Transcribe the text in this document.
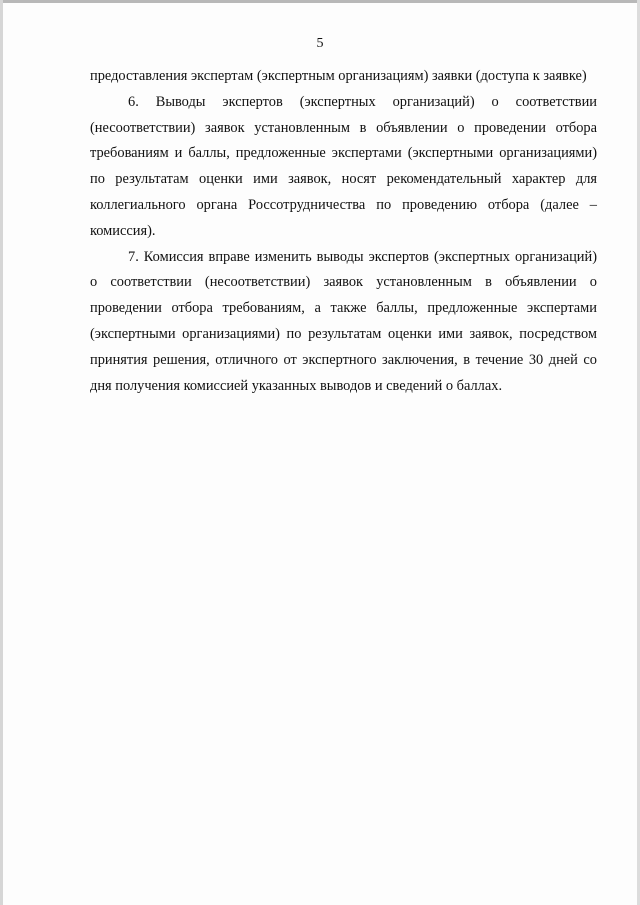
5

предоставления экспертам (экспертным организациям) заявки (доступа к заявке)

6. Выводы экспертов (экспертных организаций) о соответствии (несоответствии) заявок установленным в объявлении о проведении отбора требованиям и баллы, предложенные экспертами (экспертными организациями) по результатам оценки ими заявок, носят рекомендательный характер для коллегиального органа Россотрудничества по проведению отбора (далее – комиссия).

7. Комиссия вправе изменить выводы экспертов (экспертных организаций) о соответствии (несоответствии) заявок установленным в объявлении о проведении отбора требованиям, а также баллы, предложенные экспертами (экспертными организациями) по результатам оценки ими заявок, посредством принятия решения, отличного от экспертного заключения, в течение 30 дней со дня получения комиссией указанных выводов и сведений о баллах.
